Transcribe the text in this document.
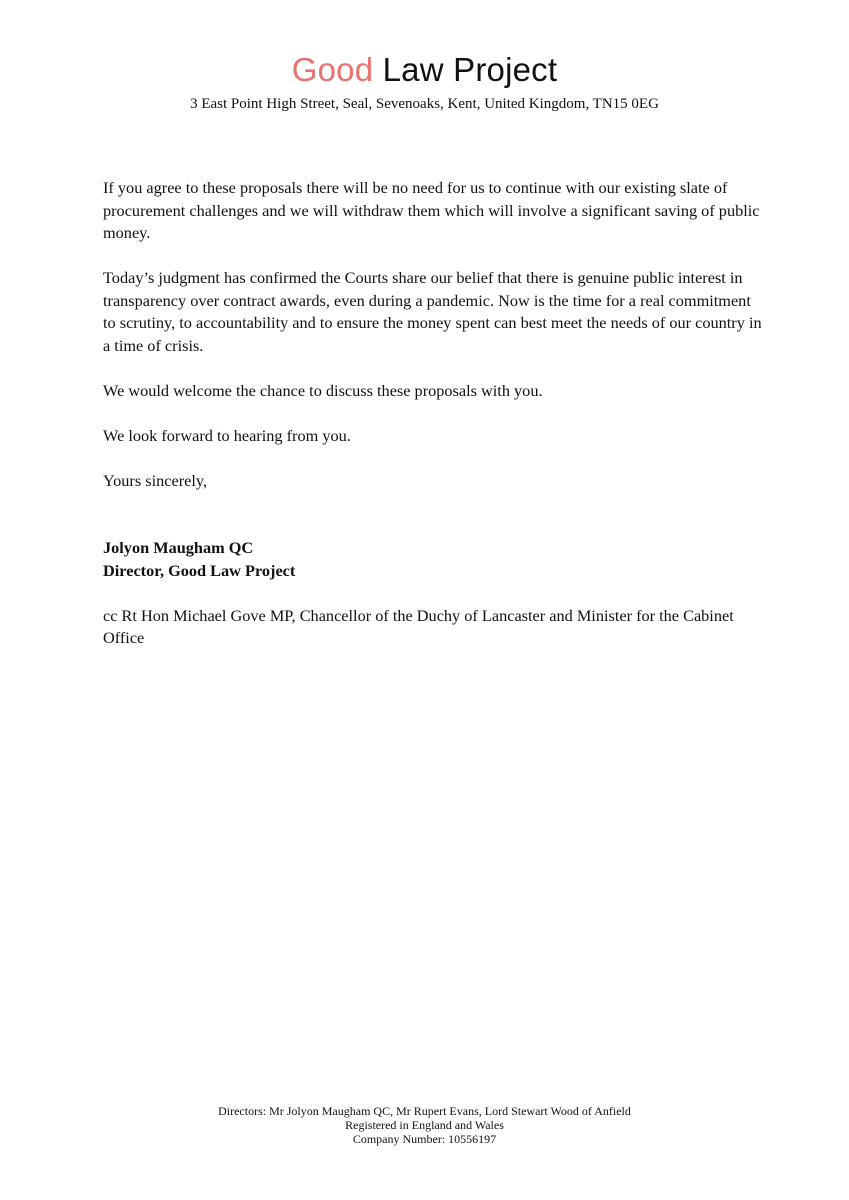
Good Law Project
3 East Point High Street, Seal, Sevenoaks, Kent, United Kingdom, TN15 0EG

If you agree to these proposals there will be no need for us to continue with our existing slate of procurement challenges and we will withdraw them which will involve a significant saving of public money.

Today’s judgment has confirmed the Courts share our belief that there is genuine public interest in transparency over contract awards, even during a pandemic. Now is the time for a real commitment to scrutiny, to accountability and to ensure the money spent can best meet the needs of our country in a time of crisis.

We would welcome the chance to discuss these proposals with you.

We look forward to hearing from you.

Yours sincerely,

Jolyon Maugham QC
Director, Good Law Project

cc Rt Hon Michael Gove MP, Chancellor of the Duchy of Lancaster and Minister for the Cabinet Office

Directors: Mr Jolyon Maugham QC, Mr Rupert Evans, Lord Stewart Wood of Anfield
Registered in England and Wales
Company Number: 10556197
